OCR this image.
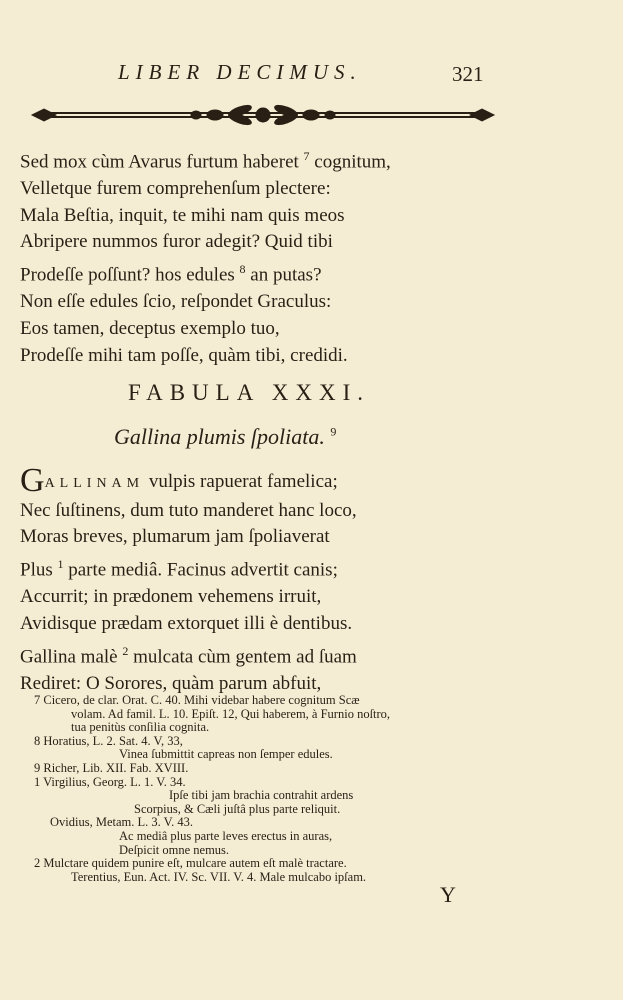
LIBER DECIMUS.	321
Sed mox cùm Avarus furtum haberet $^7$ cognitum,
Velletque furem comprehenſum plectere:
Mala Beſtia, inquit, te mihi nam quis meos
Abripere nummos furor adegit? Quid tibi
Prodeſſe poſſunt? hos edules $^8$ an putas?
Non eſſe edules ſcio, reſpondet Graculus:
Eos tamen, deceptus exemplo tuo,
Prodeſſe mihi tam poſſe, quàm tibi, credidi.
FABULA XXXI.
Gallina plumis ſpoliata. $^9$
GALLINAM vulpis rapuerat famelica;
Nec ſuſtinens, dum tuto manderet hanc loco,
Moras breves, plumarum jam ſpoliaverat
Plus $^1$ parte mediâ. Facinus advertit canis;
Accurrit; in prædonem vehemens irruit,
Avidisque prædam extorquet illi è dentibus.
Gallina malè $^2$ mulcata cùm gentem ad ſuam
Rediret: O Sorores, quàm parum abfuit,
7 Cicero, de clar. Orat. C. 40. Mihi videbar habere cognitum Scæ
volam. Ad famil. L. 10. Epiſt. 12, Qui haberem, à Furnio noſtro,
tua penitùs conſilia cognita.
8 Horatius, L. 2. Sat. 4. V, 33,
Vinea ſubmittit capreas non ſemper edules.
9 Richer, Lib. XII. Fab. XVIII.
1 Virgilius, Georg. L. 1. V. 34.
Ipſe tibi jam brachia contrahit ardens
Scorpius, & Cæli juſtâ plus parte reliquit.
Ovidius, Metam. L. 3. V. 43.
Ac mediâ plus parte leves erectus in auras,
Deſpicit omne nemus.
2 Mulctare quidem punire eſt, mulcare autem eſt malè tractare.
Terentius, Eun. Act. IV. Sc. VII. V. 4. Male mulcabo ipſam.
Y
